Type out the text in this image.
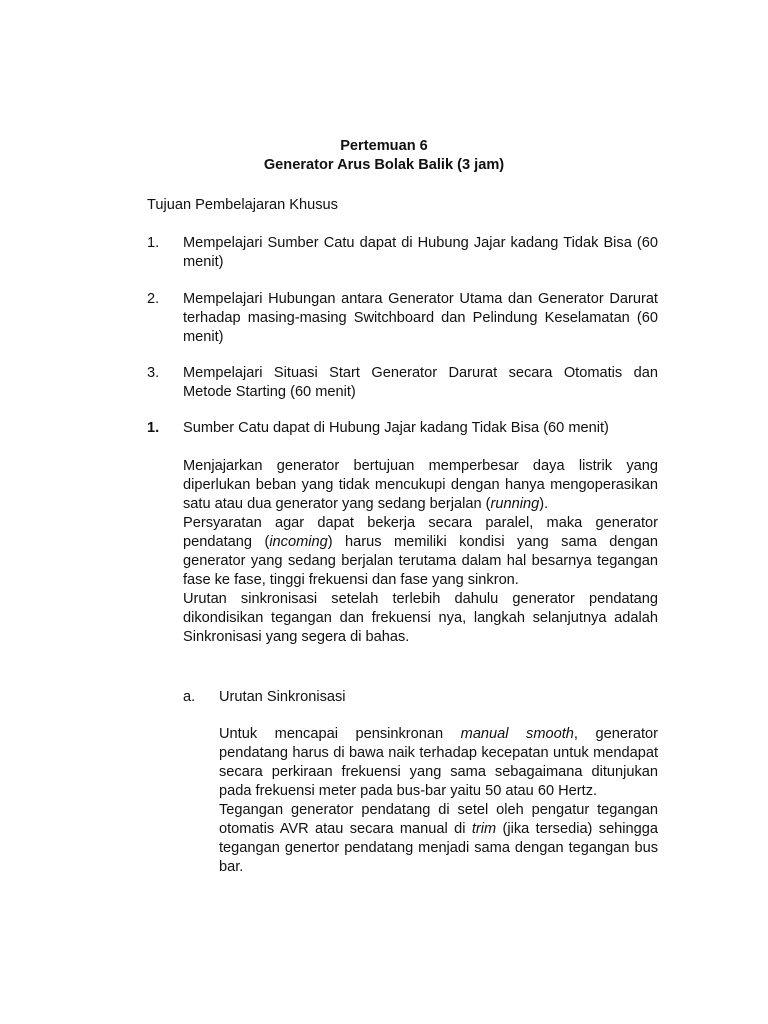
Pertemuan 6
Generator Arus Bolak Balik (3 jam)
Tujuan Pembelajaran Khusus
1. Mempelajari Sumber Catu dapat di Hubung Jajar kadang Tidak Bisa (60 menit)

2. Mempelajari Hubungan antara Generator Utama dan Generator Darurat terhadap masing-masing Switchboard dan Pelindung Keselamatan (60 menit)

3. Mempelajari Situasi Start Generator Darurat secara Otomatis dan Metode Starting (60 menit)

1. Sumber Catu dapat di Hubung Jajar kadang Tidak Bisa (60 menit)

Menjajarkan generator bertujuan memperbesar daya listrik yang diperlukan beban yang tidak mencukupi dengan hanya mengoperasikan satu atau dua generator yang sedang berjalan (running).

Persyaratan agar dapat bekerja secara paralel, maka generator pendatang (incoming) harus memiliki kondisi yang sama dengan generator yang sedang berjalan terutama dalam hal besarnya tegangan fase ke fase, tinggi frekuensi dan fase yang sinkron.

Urutan sinkronisasi setelah terlebih dahulu generator pendatang dikondisikan tegangan dan frekuensi nya, langkah selanjutnya adalah Sinkronisasi yang segera di bahas.

a. Urutan Sinkronisasi

Untuk mencapai pensinkronan manual smooth, generator pendatang harus di bawa naik terhadap kecepatan untuk mendapat secara perkiraan frekuensi yang sama sebagaimana ditunjukan pada frekuensi meter pada bus-bar yaitu 50 atau 60 Hertz.

Tegangan generator pendatang di setel oleh pengatur tegangan otomatis AVR atau secara manual di trim (jika tersedia) sehingga tegangan genertor pendatang menjadi sama dengan tegangan bus bar.
